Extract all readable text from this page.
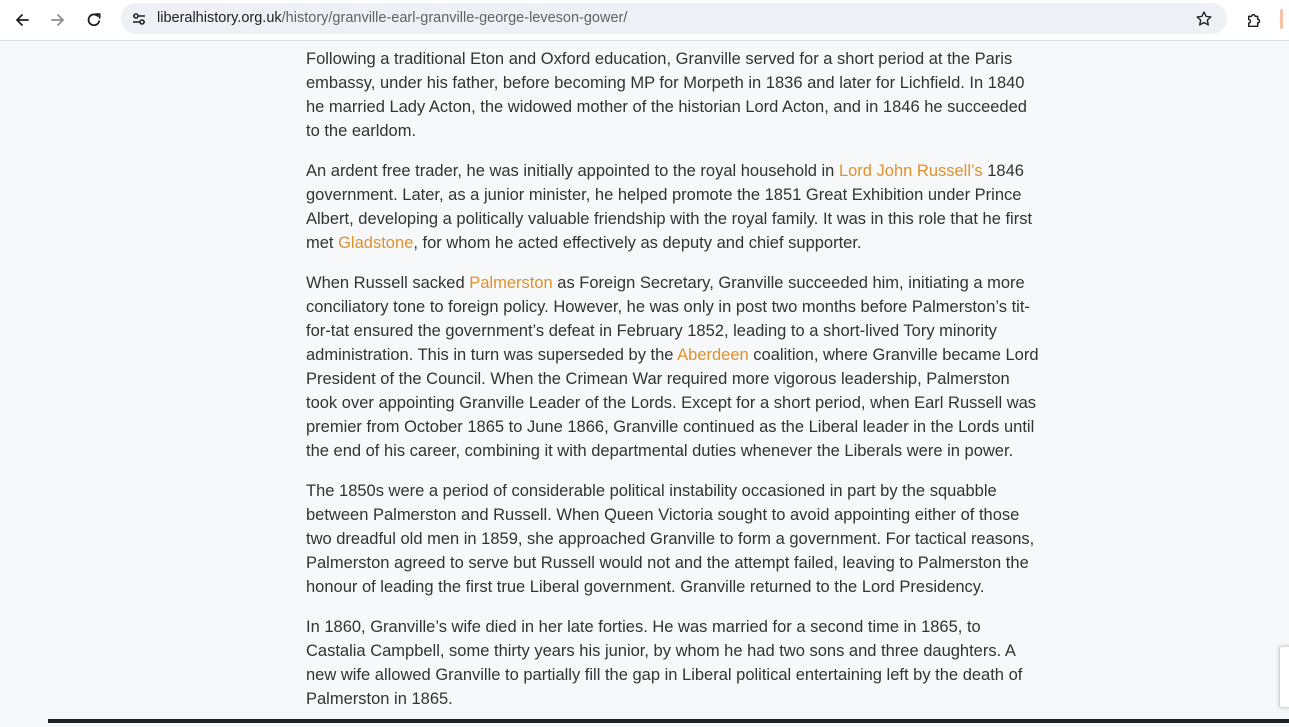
liberalhistory.org.uk/history/granville-earl-granville-george-leveson-gower/

Following a traditional Eton and Oxford education, Granville served for a short period at the Paris embassy, under his father, before becoming MP for Morpeth in 1836 and later for Lichfield. In 1840 he married Lady Acton, the widowed mother of the historian Lord Acton, and in 1846 he succeeded to the earldom.

An ardent free trader, he was initially appointed to the royal household in Lord John Russell’s 1846 government. Later, as a junior minister, he helped promote the 1851 Great Exhibition under Prince Albert, developing a politically valuable friendship with the royal family. It was in this role that he first met Gladstone, for whom he acted effectively as deputy and chief supporter.

When Russell sacked Palmerston as Foreign Secretary, Granville succeeded him, initiating a more conciliatory tone to foreign policy. However, he was only in post two months before Palmerston’s tit-for-tat ensured the government’s defeat in February 1852, leading to a short-lived Tory minority administration. This in turn was superseded by the Aberdeen coalition, where Granville became Lord President of the Council. When the Crimean War required more vigorous leadership, Palmerston took over appointing Granville Leader of the Lords. Except for a short period, when Earl Russell was premier from October 1865 to June 1866, Granville continued as the Liberal leader in the Lords until the end of his career, combining it with departmental duties whenever the Liberals were in power.

The 1850s were a period of considerable political instability occasioned in part by the squabble between Palmerston and Russell. When Queen Victoria sought to avoid appointing either of those two dreadful old men in 1859, she approached Granville to form a government. For tactical reasons, Palmerston agreed to serve but Russell would not and the attempt failed, leaving to Palmerston the honour of leading the first true Liberal government. Granville returned to the Lord Presidency.

In 1860, Granville’s wife died in her late forties. He was married for a second time in 1865, to Castalia Campbell, some thirty years his junior, by whom he had two sons and three daughters. A new wife allowed Granville to partially fill the gap in Liberal political entertaining left by the death of Palmerston in 1865.
